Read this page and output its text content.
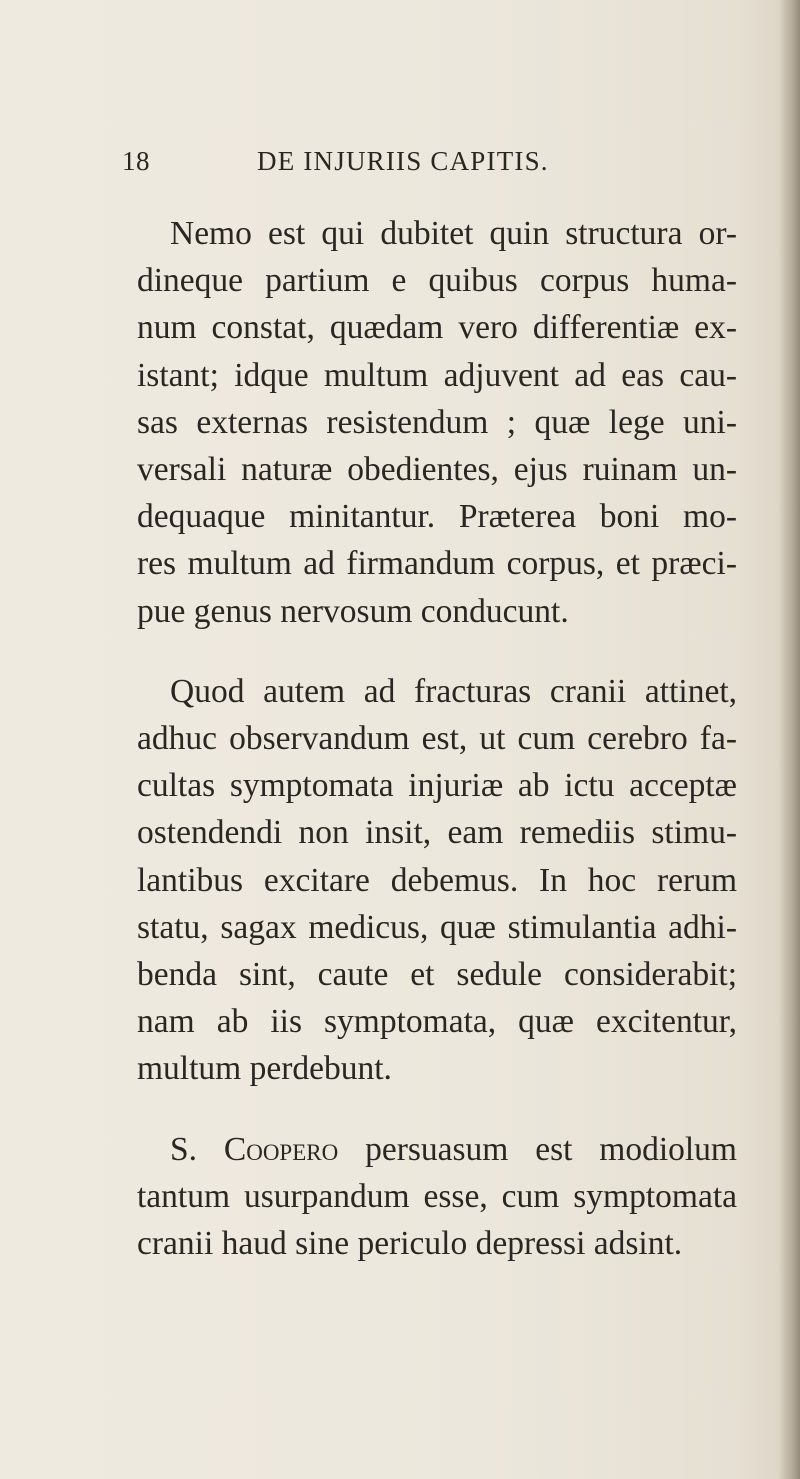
18	DE INJURIIS CAPITIS.

Nemo est qui dubitet quin structura or-
dineque partium e quibus corpus huma-
num constat, quædam vero differentiæ ex-
istant; idque multum adjuvent ad eas cau-
sas externas resistendum ; quæ lege uni-
versali naturæ obedientes, ejus ruinam un-
dequaque minitantur. Præterea boni mo-
res multum ad firmandum corpus, et præci-
pue genus nervosum conducunt.

Quod autem ad fracturas cranii attinet,
adhuc observandum est, ut cum cerebro fa-
cultas symptomata injuriæ ab ictu acceptæ
ostendendi non insit, eam remediis stimu-
lantibus excitare debemus. In hoc rerum
statu, sagax medicus, quæ stimulantia adhi-
benda sint, caute et sedule considerabit;
nam ab iis symptomata, quæ excitentur,
multum perdebunt.

S. Coopero persuasum est modiolum
tantum usurpandum esse, cum symptomata
cranii haud sine periculo depressi adsint.
